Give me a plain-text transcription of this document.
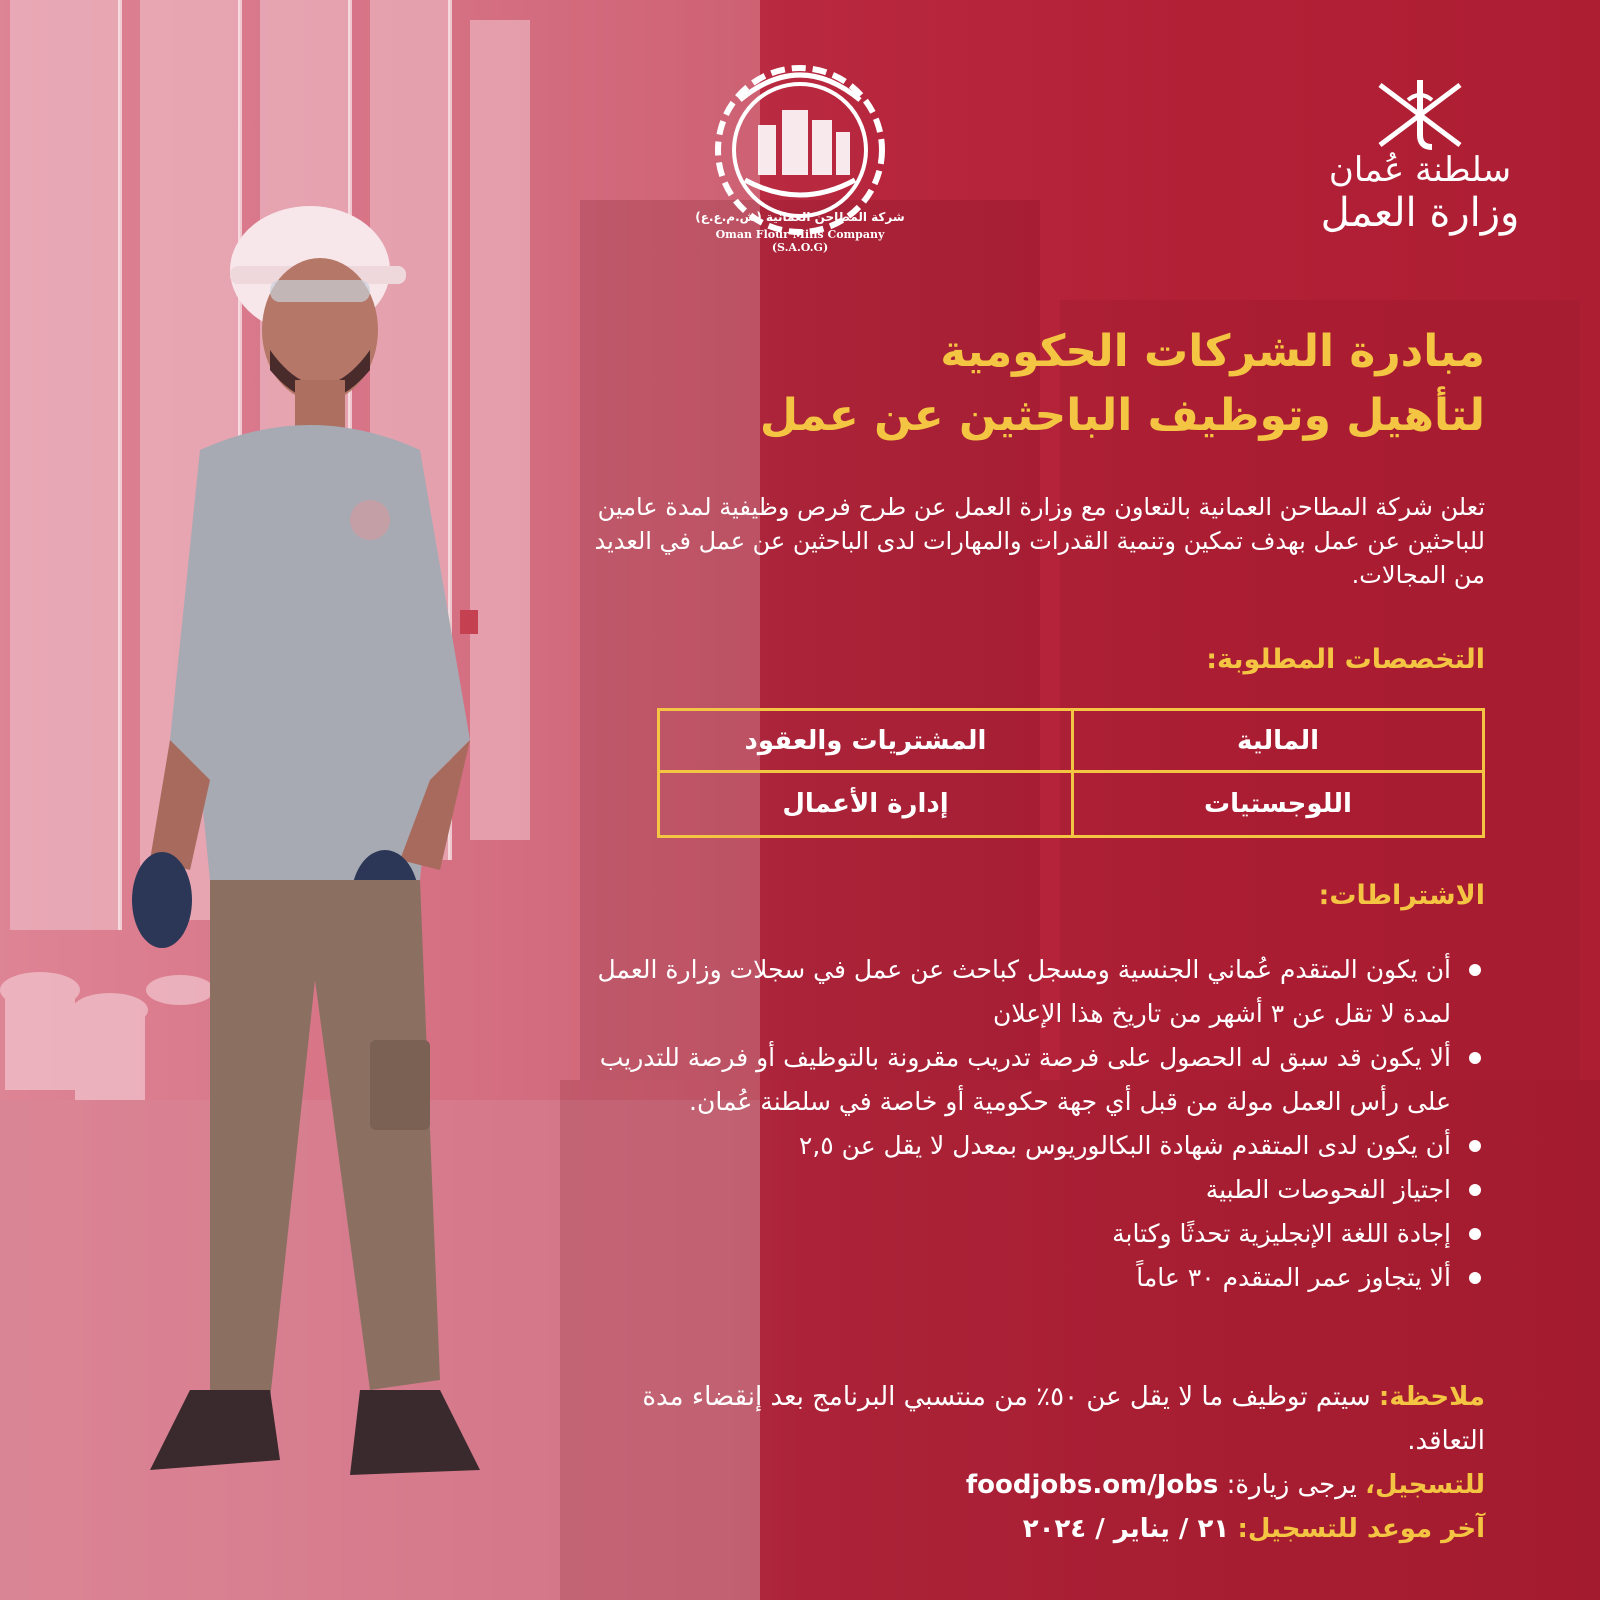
شركة المطاحن العمانية (ش.م.ع.ع)
Oman Flour Mills Company (S.A.O.G)
سلطنة عُمان
وزارة العمل
مبادرة الشركات الحكومية
لتأهيل وتوظيف الباحثين عن عمل
تعلن شركة المطاحن العمانية بالتعاون مع وزارة العمل عن طرح فرص وظيفية لمدة عامين للباحثين عن عمل بهدف تمكين وتنمية القدرات والمهارات لدى الباحثين عن عمل في العديد من المجالات.
التخصصات المطلوبة:
المالية
المشتريات والعقود
اللوجستيات
إدارة الأعمال
الاشتراطات:
أن يكون المتقدم عُماني الجنسية ومسجل كباحث عن عمل في سجلات وزارة العمل لمدة لا تقل عن ٣ أشهر من تاريخ هذا الإعلان
ألا يكون قد سبق له الحصول على فرصة تدريب مقرونة بالتوظيف أو فرصة للتدريب على رأس العمل مولة من قبل أي جهة حكومية أو خاصة في سلطنة عُمان.
أن يكون لدى المتقدم شهادة البكالوريوس بمعدل لا يقل عن ٢,٥
اجتياز الفحوصات الطبية
إجادة اللغة الإنجليزية تحدثًا وكتابة
ألا يتجاوز عمر المتقدم ٣٠ عاماً
ملاحظة: سيتم توظيف ما لا يقل عن ٥٠٪ من منتسبي البرنامج بعد إنقضاء مدة التعاقد.
للتسجيل، يرجى زيارة: foodjobs.om/Jobs
آخر موعد للتسجيل: ٢١ / يناير / ٢٠٢٤
